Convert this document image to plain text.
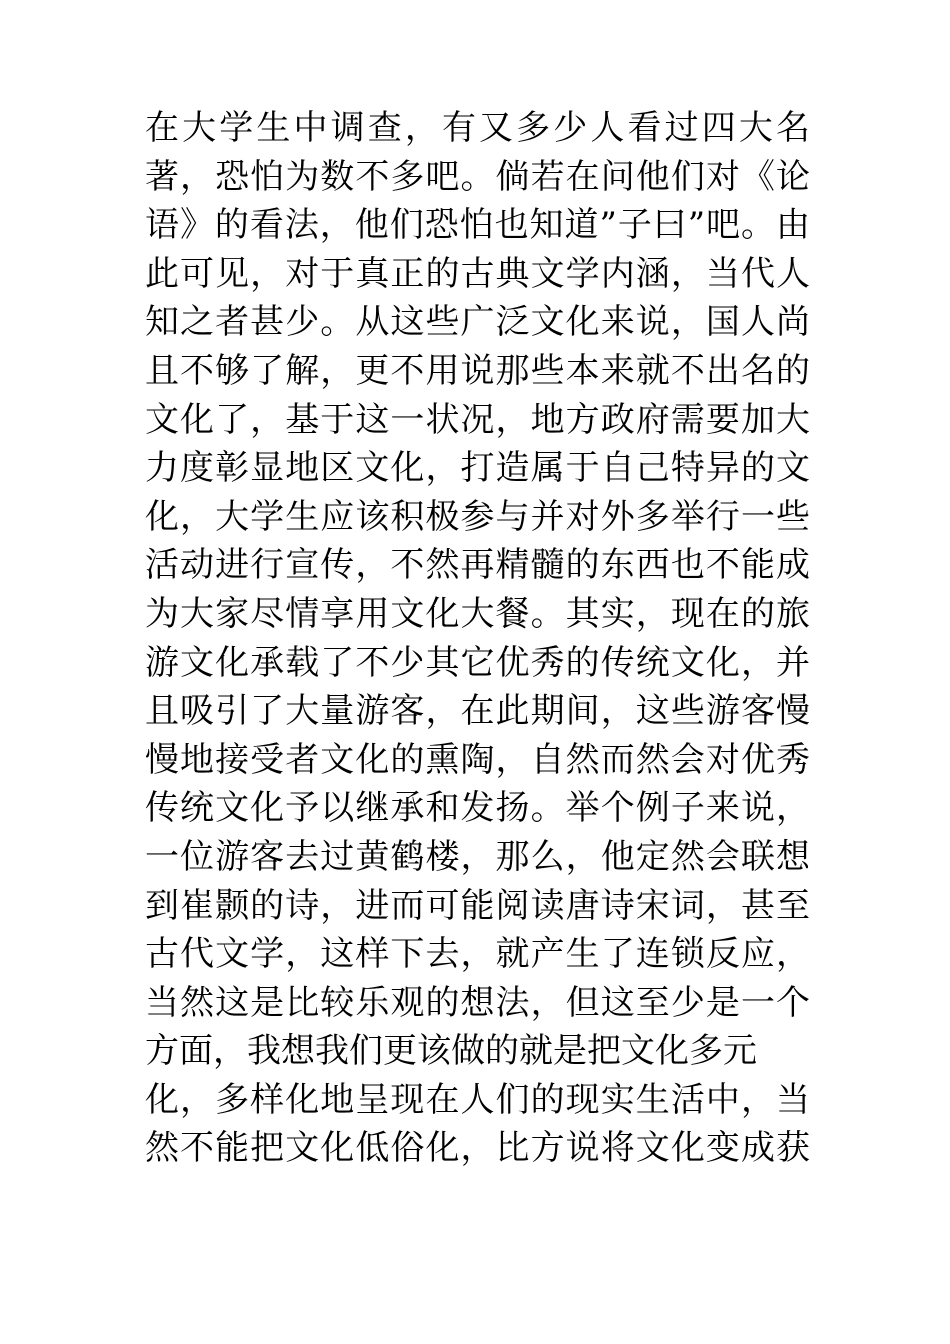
在大学生中调查，有又多少人看过四大名
著，恐怕为数不多吧。倘若在问他们对《论
语》的看法，他们恐怕也知道”子曰”吧。由
此可见，对于真正的古典文学内涵，当代人
知之者甚少。从这些广泛文化来说，国人尚
且不够了解，更不用说那些本来就不出名的
文化了，基于这一状况，地方政府需要加大
力度彰显地区文化，打造属于自己特异的文
化，大学生应该积极参与并对外多举行一些
活动进行宣传，不然再精髓的东西也不能成
为大家尽情享用文化大餐。其实，现在的旅
游文化承载了不少其它优秀的传统文化，并
且吸引了大量游客，在此期间，这些游客慢
慢地接受者文化的熏陶，自然而然会对优秀
传统文化予以继承和发扬。举个例子来说，
一位游客去过黄鹤楼，那么，他定然会联想
到崔颢的诗，进而可能阅读唐诗宋词，甚至
古代文学，这样下去，就产生了连锁反应，
当然这是比较乐观的想法，但这至少是一个
方面，我想我们更该做的就是把文化多元
化，多样化地呈现在人们的现实生活中，当
然不能把文化低俗化，比方说将文化变成获
